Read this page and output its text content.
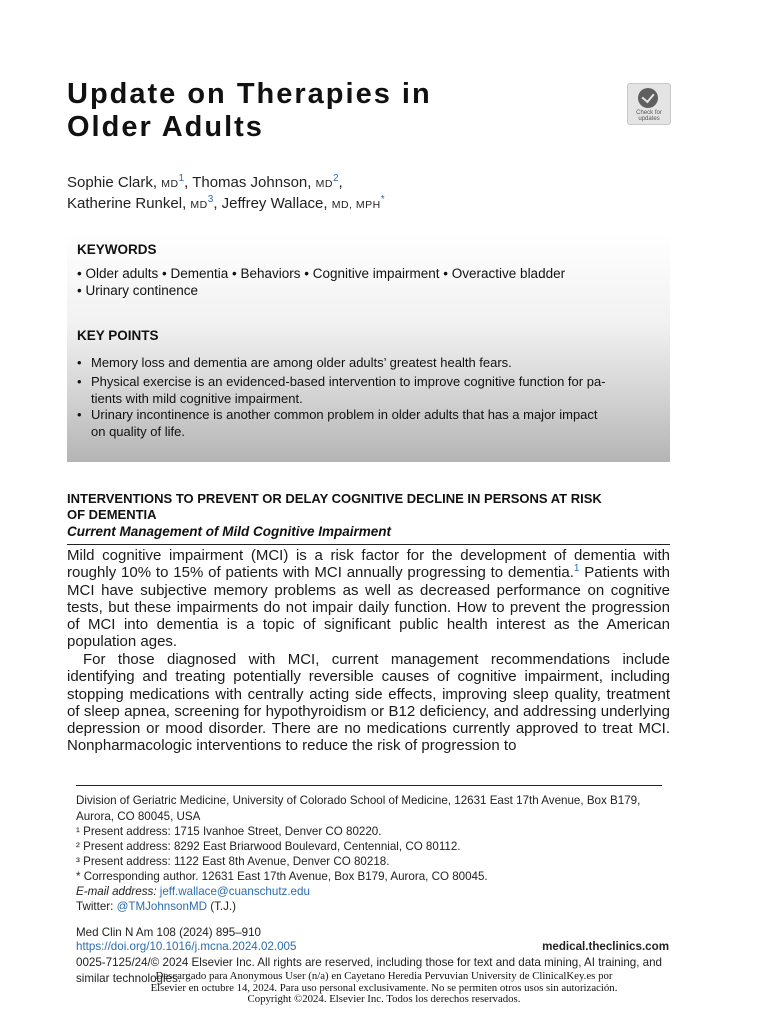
Update on Therapies in
Older Adults	Check for
updates
Sophie Clark, $MD^1$, Thomas Johnson, $MD^2$,
Katherine Runkel, $MD^3$, Jeffrey Wallace, MD, MPH*
KEYWORDS
• Older adults • Dementia • Behaviors • Cognitive impairment • Overactive bladder
• Urinary continence
KEY POINTS
• Memory loss and dementia are among older adults’ greatest health fears.
• Physical exercise is an evidenced-based intervention to improve cognitive function for pa-
tients with mild cognitive impairment.
• Urinary incontinence is another common problem in older adults that has a major impact
on quality of life.
INTERVENTIONS TO PREVENT OR DELAY COGNITIVE DECLINE IN PERSONS AT RISK
OF DEMENTIA
Current Management of Mild Cognitive Impairment

Mild cognitive impairment (MCI) is a risk factor for the development of dementia with roughly 10% to 15% of patients with MCI annually progressing to dementia.$^1$ Patients with MCI have subjective memory problems as well as decreased performance on cognitive tests, but these impairments do not impair daily function. How to prevent the progression of MCI into dementia is a topic of significant public health interest as the American population ages.

For those diagnosed with MCI, current management recommendations include identifying and treating potentially reversible causes of cognitive impairment, including stopping medications with centrally acting side effects, improving sleep quality, treatment of sleep apnea, screening for hypothyroidism or B12 deficiency, and addressing underlying depression or mood disorder. There are no medications currently approved to treat MCI. Nonpharmacologic interventions to reduce the risk of progression to

Division of Geriatric Medicine, University of Colorado School of Medicine, 12631 East 17th Avenue, Box B179, Aurora, CO 80045, USA
¹ Present address: 1715 Ivanhoe Street, Denver CO 80220.
² Present address: 8292 East Briarwood Boulevard, Centennial, CO 80112.
³ Present address: 1122 East 8th Avenue, Denver CO 80218.
* Corresponding author. 12631 East 17th Avenue, Box B179, Aurora, CO 80045.
E-mail address: jeff.wallace@cuanschutz.edu
Twitter: @TMJohnsonMD (T.J.)
Med Clin N Am 108 (2024) 895–910
https://doi.org/10.1016/j.mcna.2024.02.005	medical.theclinics.com
0025-7125/24/© 2024 Elsevier Inc. All rights are reserved, including those for text and data mining, AI training, and similar technologies.
Descargado para Anonymous User (n/a) en Cayetano Heredia Pervuvian University de ClinicalKey.es por Elsevier en octubre 14, 2024. Para uso personal exclusivamente. No se permiten otros usos sin autorización. Copyright ©2024. Elsevier Inc. Todos los derechos reservados.
